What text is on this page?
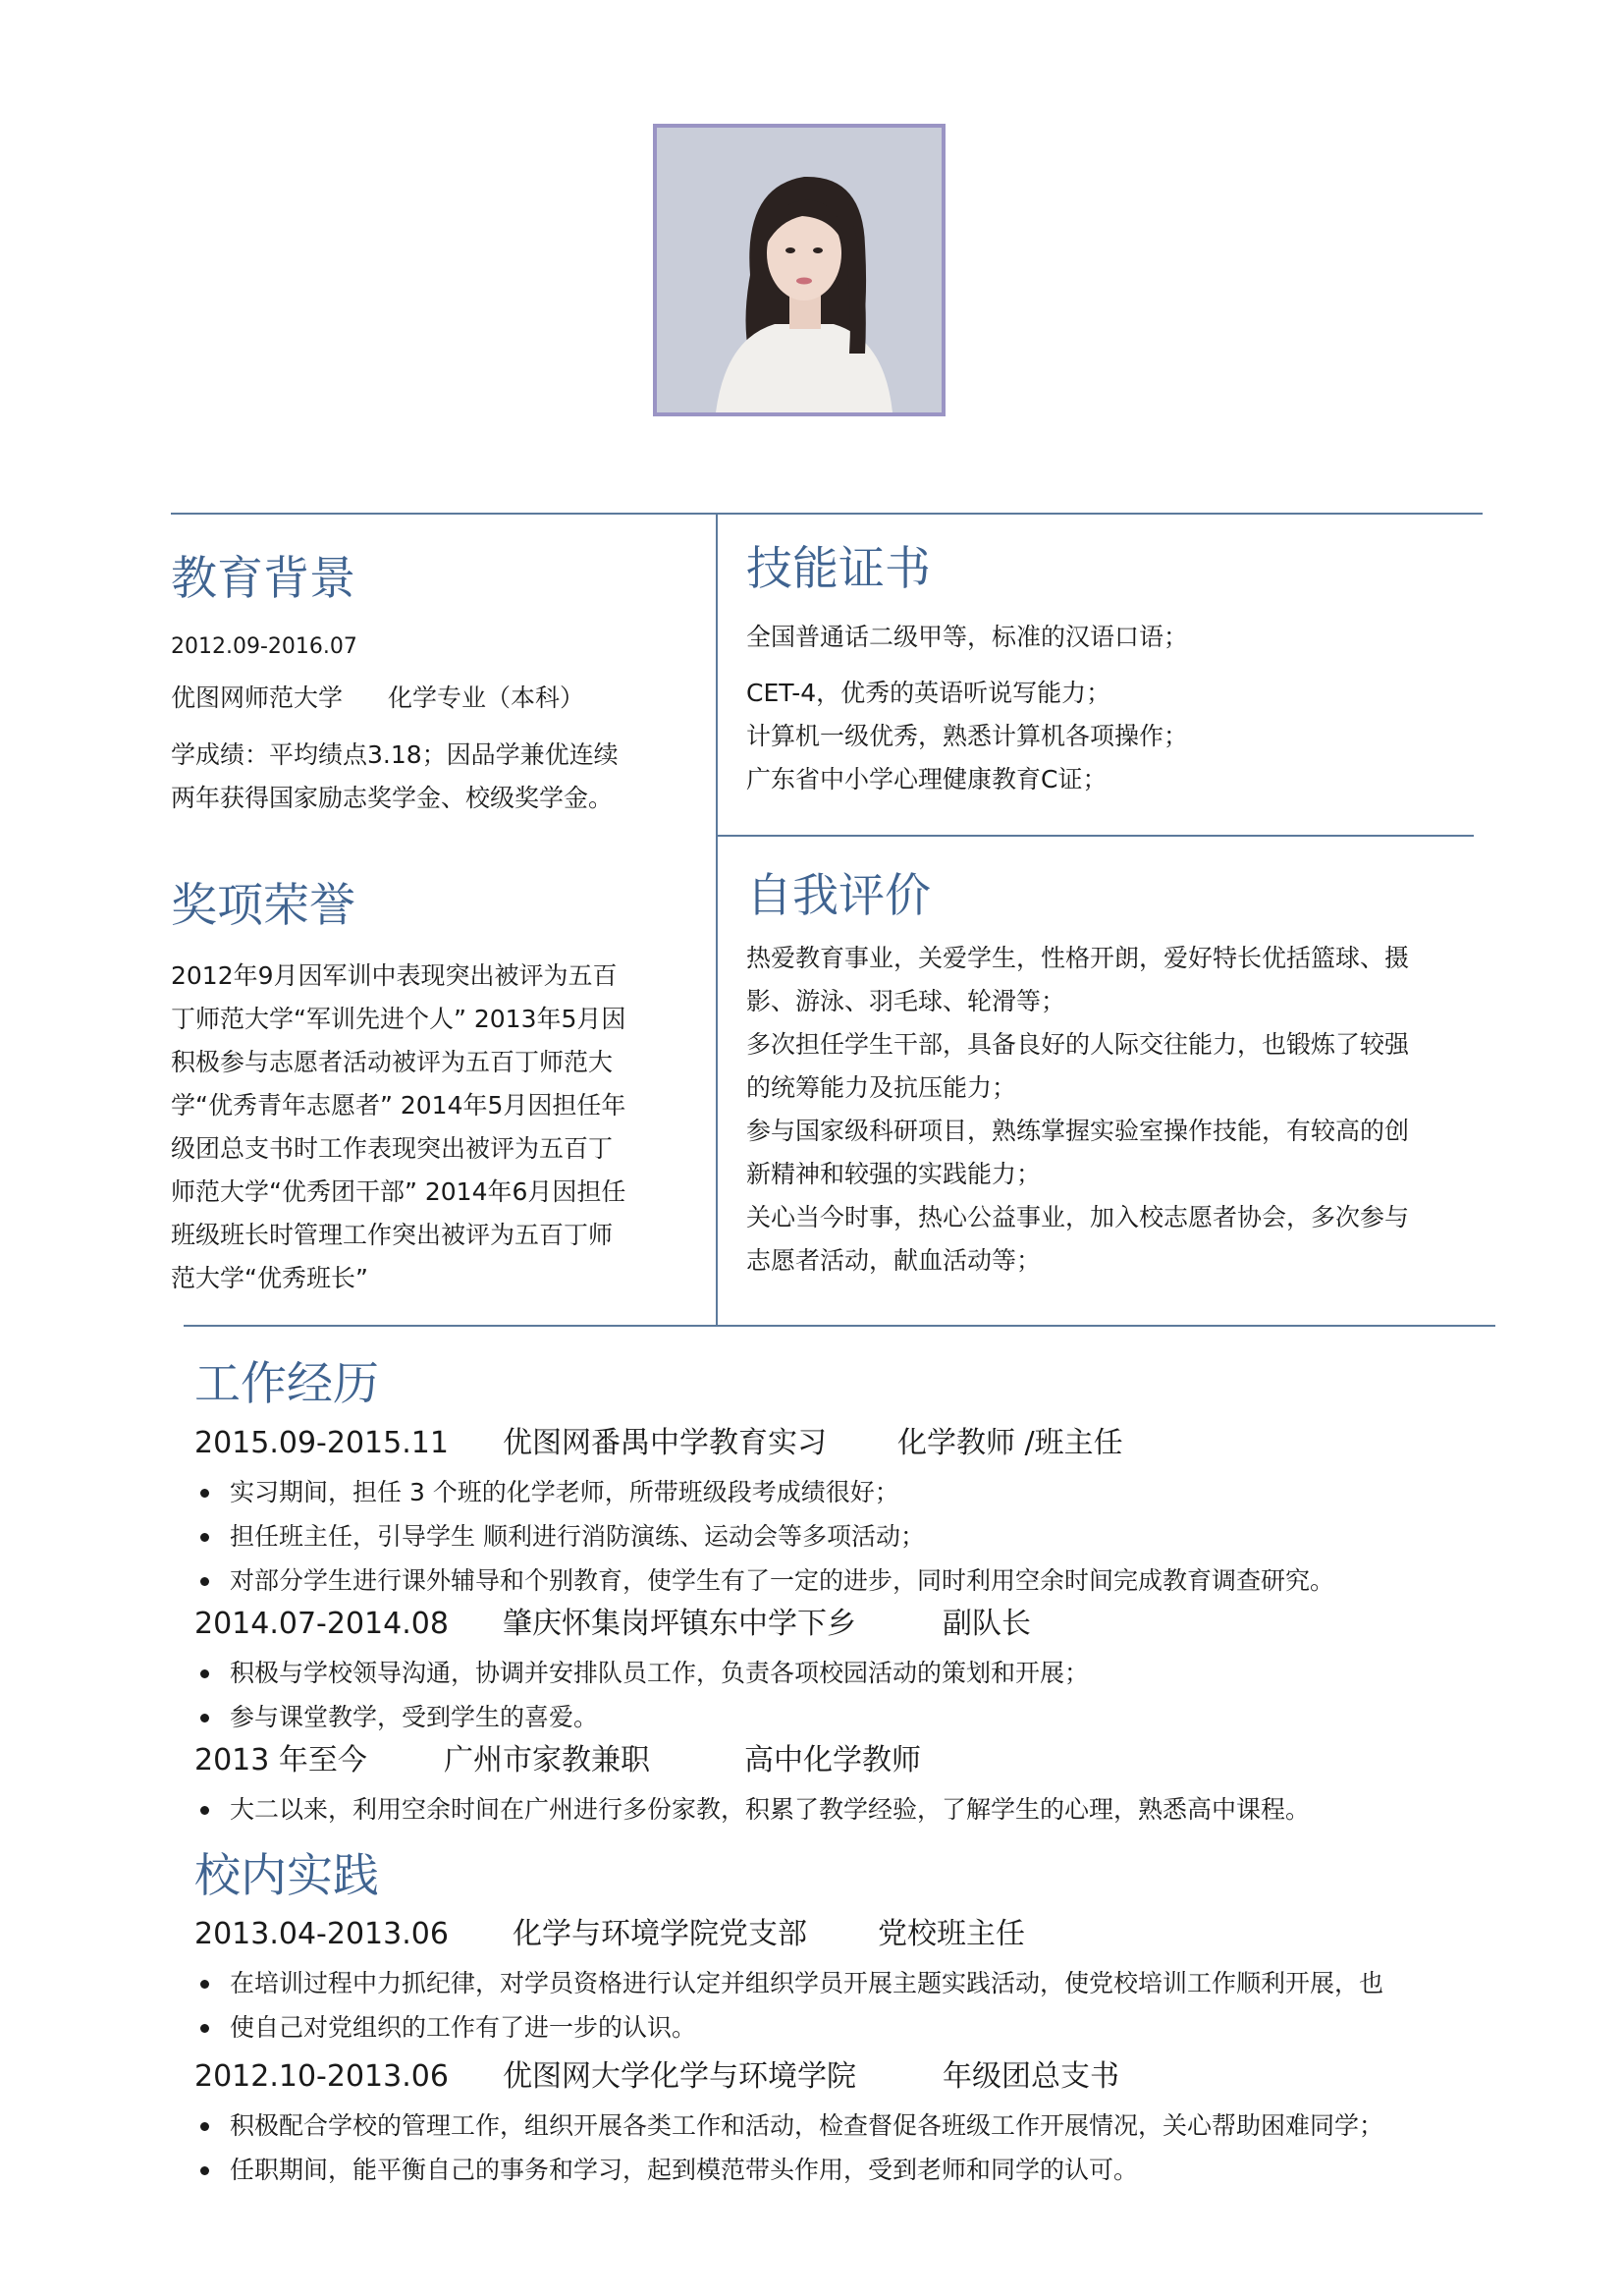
教育背景
2012.09-2016.07
优图网师范大学 化学专业（本科）

学成绩：平均绩点3.18；因品学兼优连续

两年获得国家励志奖学金、校级奖学金。

技能证书

全国普通话二级甲等，标准的汉语口语；

CET-4，优秀的英语听说写能力；

计算机一级优秀，熟悉计算机各项操作；

广东省中小学心理健康教育C证；

奖项荣誉

2012年9月因军训中表现突出被评为五百

丁师范大学“军训先进个人” 2013年5月因

积极参与志愿者活动被评为五百丁师范大

学“优秀青年志愿者” 2014年5月因担任年

级团总支书时工作表现突出被评为五百丁

师范大学“优秀团干部” 2014年6月因担任

班级班长时管理工作突出被评为五百丁师

范大学“优秀班长”

自我评价

热爱教育事业，关爱学生，性格开朗，爱好特长优括篮球、摄

影、游泳、羽毛球、轮滑等；

多次担任学生干部，具备良好的人际交往能力，也锻炼了较强

的统筹能力及抗压能力；

参与国家级科研项目，熟练掌握实验室操作技能，有较高的创

新精神和较强的实践能力；

关心当今时事，热心公益事业，加入校志愿者协会，多次参与

志愿者活动，献血活动等；

工作经历
2015.09-2015.11 优图网番禺中学教育实习 化学教师 /班主任
实习期间，担任 3 个班的化学老师，所带班级段考成绩很好；
担任班主任，引导学生 顺利进行消防演练、运动会等多项活动；
对部分学生进行课外辅导和个别教育，使学生有了一定的进步，同时利用空余时间完成教育调查研究。
2014.07-2014.08 肇庆怀集岗坪镇东中学下乡	副队长
积极与学校领导沟通，协调并安排队员工作，负责各项校园活动的策划和开展；
参与课堂教学，受到学生的喜爱。
2013 年至今	广州市家教兼职	高中化学教师
大二以来，利用空余时间在广州进行多份家教，积累了教学经验，了解学生的心理，熟悉高中课程。
校内实践
2013.04-2013.06 化学与环境学院党支部 党校班主任
在培训过程中力抓纪律，对学员资格进行认定并组织学员开展主题实践活动，使党校培训工作顺利开展，也
使自己对党组织的工作有了进一步的认识。
2012.10-2013.06 优图网大学化学与环境学院	年级团总支书
积极配合学校的管理工作，组织开展各类工作和活动，检查督促各班级工作开展情况，关心帮助困难同学；
任职期间，能平衡自己的事务和学习，起到模范带头作用，受到老师和同学的认可。
